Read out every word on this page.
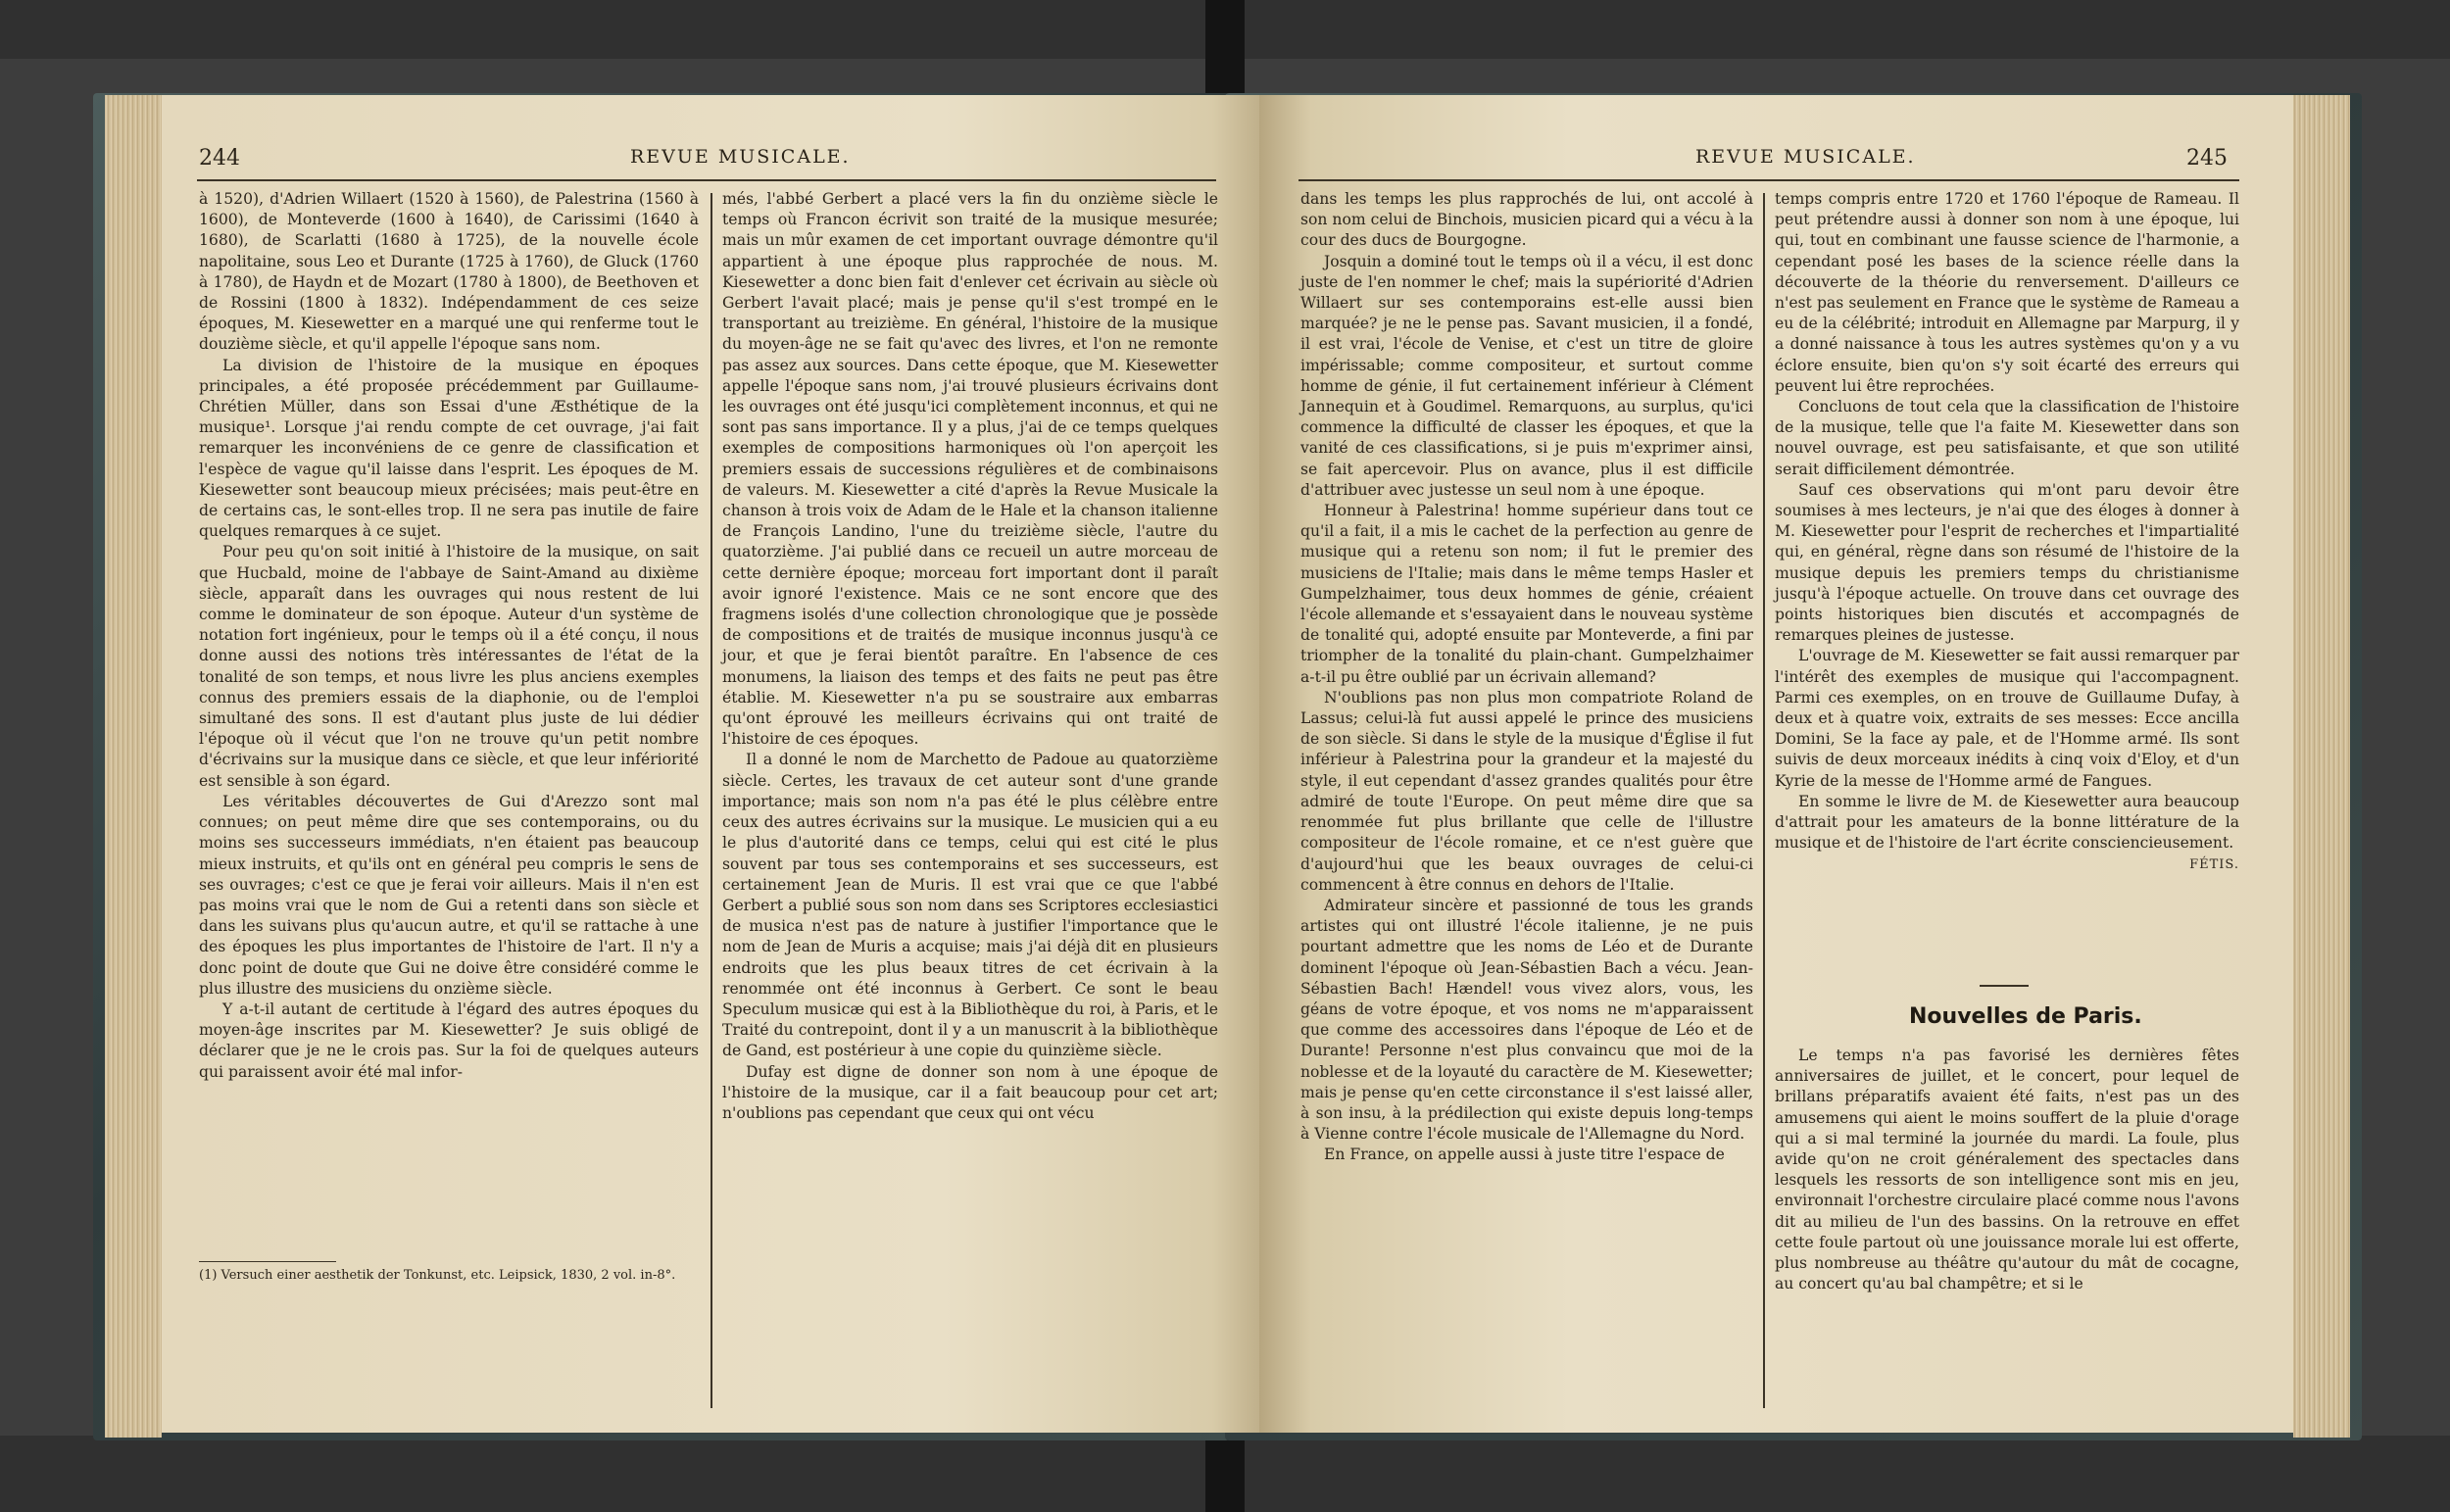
244	REVUE MUSICALE.

à 1520), d'Adrien Willaert (1520 à 1560), de Palestrina (1560 à 1600), de Monteverde (1600 à 1640), de Carissimi (1640 à 1680), de Scarlatti (1680 à 1725), de la nouvelle école napolitaine, sous Leo et Durante (1725 à 1760), de Gluck (1760 à 1780), de Haydn et de Mozart (1780 à 1800), de Beethoven et de Rossini (1800 à 1832). Indépendamment de ces seize époques, M. Kiesewetter en a marqué une qui renferme tout le douzième siècle, et qu'il appelle l'époque sans nom.

La division de l'histoire de la musique en époques principales, a été proposée précédemment par Guillaume-Chrétien Müller, dans son Essai d'une Æsthétique de la musique¹. Lorsque j'ai rendu compte de cet ouvrage, j'ai fait remarquer les inconvéniens de ce genre de classification et l'espèce de vague qu'il laisse dans l'esprit. Les époques de M. Kiesewetter sont beaucoup mieux précisées; mais peut-être en de certains cas, le sont-elles trop. Il ne sera pas inutile de faire quelques remarques à ce sujet.

Pour peu qu'on soit initié à l'histoire de la musique, on sait que Hucbald, moine de l'abbaye de Saint-Amand au dixième siècle, apparaît dans les ouvrages qui nous restent de lui comme le dominateur de son époque. Auteur d'un système de notation fort ingénieux, pour le temps où il a été conçu, il nous donne aussi des notions très intéressantes de l'état de la tonalité de son temps, et nous livre les plus anciens exemples connus des premiers essais de la diaphonie, ou de l'emploi simultané des sons. Il est d'autant plus juste de lui dédier l'époque où il vécut que l'on ne trouve qu'un petit nombre d'écrivains sur la musique dans ce siècle, et que leur infériorité est sensible à son égard.

Les véritables découvertes de Gui d'Arezzo sont mal connues; on peut même dire que ses contemporains, ou du moins ses successeurs immédiats, n'en étaient pas beaucoup mieux instruits, et qu'ils ont en général peu compris le sens de ses ouvrages; c'est ce que je ferai voir ailleurs. Mais il n'en est pas moins vrai que le nom de Gui a retenti dans son siècle et dans les suivans plus qu'aucun autre, et qu'il se rattache à une des époques les plus importantes de l'histoire de l'art. Il n'y a donc point de doute que Gui ne doive être considéré comme le plus illustre des musiciens du onzième siècle.

Y a-t-il autant de certitude à l'égard des autres époques du moyen-âge inscrites par M. Kiesewetter? Je suis obligé de déclarer que je ne le crois pas. Sur la foi de quelques auteurs qui paraissent avoir été mal infor-

(1) Versuch einer aesthetik der Tonkunst, etc. Leipsick, 1830, 2 vol. in-8°.

més, l'abbé Gerbert a placé vers la fin du onzième siècle le temps où Francon écrivit son traité de la musique mesurée; mais un mûr examen de cet important ouvrage démontre qu'il appartient à une époque plus rapprochée de nous. M. Kiesewetter a donc bien fait d'enlever cet écrivain au siècle où Gerbert l'avait placé; mais je pense qu'il s'est trompé en le transportant au treizième. En général, l'histoire de la musique du moyen-âge ne se fait qu'avec des livres, et l'on ne remonte pas assez aux sources. Dans cette époque, que M. Kiesewetter appelle l'époque sans nom, j'ai trouvé plusieurs écrivains dont les ouvrages ont été jusqu'ici complètement inconnus, et qui ne sont pas sans importance. Il y a plus, j'ai de ce temps quelques exemples de compositions harmoniques où l'on aperçoit les premiers essais de successions régulières et de combinaisons de valeurs. M. Kiesewetter a cité d'après la Revue Musicale la chanson à trois voix de Adam de le Hale et la chanson italienne de François Landino, l'une du treizième siècle, l'autre du quatorzième. J'ai publié dans ce recueil un autre morceau de cette dernière époque; morceau fort important dont il paraît avoir ignoré l'existence. Mais ce ne sont encore que des fragmens isolés d'une collection chronologique que je possède de compositions et de traités de musique inconnus jusqu'à ce jour, et que je ferai bientôt paraître. En l'absence de ces monumens, la liaison des temps et des faits ne peut pas être établie. M. Kiesewetter n'a pu se soustraire aux embarras qu'ont éprouvé les meilleurs écrivains qui ont traité de l'histoire de ces époques.

Il a donné le nom de Marchetto de Padoue au quatorzième siècle. Certes, les travaux de cet auteur sont d'une grande importance; mais son nom n'a pas été le plus célèbre entre ceux des autres écrivains sur la musique. Le musicien qui a eu le plus d'autorité dans ce temps, celui qui est cité le plus souvent par tous ses contemporains et ses successeurs, est certainement Jean de Muris. Il est vrai que ce que l'abbé Gerbert a publié sous son nom dans ses Scriptores ecclesiastici de musica n'est pas de nature à justifier l'importance que le nom de Jean de Muris a acquise; mais j'ai déjà dit en plusieurs endroits que les plus beaux titres de cet écrivain à la renommée ont été inconnus à Gerbert. Ce sont le beau Speculum musicæ qui est à la Bibliothèque du roi, à Paris, et le Traité du contrepoint, dont il y a un manuscrit à la bibliothèque de Gand, est postérieur à une copie du quinzième siècle.

Dufay est digne de donner son nom à une époque de l'histoire de la musique, car il a fait beaucoup pour cet art; n'oublions pas cependant que ceux qui ont vécu

REVUE MUSICALE.	245

dans les temps les plus rapprochés de lui, ont accolé à son nom celui de Binchois, musicien picard qui a vécu à la cour des ducs de Bourgogne.

Josquin a dominé tout le temps où il a vécu, il est donc juste de l'en nommer le chef; mais la supériorité d'Adrien Willaert sur ses contemporains est-elle aussi bien marquée? je ne le pense pas. Savant musicien, il a fondé, il est vrai, l'école de Venise, et c'est un titre de gloire impérissable; comme compositeur, et surtout comme homme de génie, il fut certainement inférieur à Clément Jannequin et à Goudimel. Remarquons, au surplus, qu'ici commence la difficulté de classer les époques, et que la vanité de ces classifications, si je puis m'exprimer ainsi, se fait apercevoir. Plus on avance, plus il est difficile d'attribuer avec justesse un seul nom à une époque.

Honneur à Palestrina! homme supérieur dans tout ce qu'il a fait, il a mis le cachet de la perfection au genre de musique qui a retenu son nom; il fut le premier des musiciens de l'Italie; mais dans le même temps Hasler et Gumpelzhaimer, tous deux hommes de génie, créaient l'école allemande et s'essayaient dans le nouveau système de tonalité qui, adopté ensuite par Monteverde, a fini par triompher de la tonalité du plain-chant. Gumpelzhaimer a-t-il pu être oublié par un écrivain allemand?

N'oublions pas non plus mon compatriote Roland de Lassus; celui-là fut aussi appelé le prince des musiciens de son siècle. Si dans le style de la musique d'Église il fut inférieur à Palestrina pour la grandeur et la majesté du style, il eut cependant d'assez grandes qualités pour être admiré de toute l'Europe. On peut même dire que sa renommée fut plus brillante que celle de l'illustre compositeur de l'école romaine, et ce n'est guère que d'aujourd'hui que les beaux ouvrages de celui-ci commencent à être connus en dehors de l'Italie.

Admirateur sincère et passionné de tous les grands artistes qui ont illustré l'école italienne, je ne puis pourtant admettre que les noms de Léo et de Durante dominent l'époque où Jean-Sébastien Bach a vécu. Jean-Sébastien Bach! Hændel! vous vivez alors, vous, les géans de votre époque, et vos noms ne m'apparaissent que comme des accessoires dans l'époque de Léo et de Durante! Personne n'est plus convaincu que moi de la noblesse et de la loyauté du caractère de M. Kiesewetter; mais je pense qu'en cette circonstance il s'est laissé aller, à son insu, à la prédilection qui existe depuis long-temps à Vienne contre l'école musicale de l'Allemagne du Nord.

En France, on appelle aussi à juste titre l'espace de

temps compris entre 1720 et 1760 l'époque de Rameau. Il peut prétendre aussi à donner son nom à une époque, lui qui, tout en combinant une fausse science de l'harmonie, a cependant posé les bases de la science réelle dans la découverte de la théorie du renversement. D'ailleurs ce n'est pas seulement en France que le système de Rameau a eu de la célébrité; introduit en Allemagne par Marpurg, il y a donné naissance à tous les autres systèmes qu'on y a vu éclore ensuite, bien qu'on s'y soit écarté des erreurs qui peuvent lui être reprochées.

Concluons de tout cela que la classification de l'histoire de la musique, telle que l'a faite M. Kiesewetter dans son nouvel ouvrage, est peu satisfaisante, et que son utilité serait difficilement démontrée.

Sauf ces observations qui m'ont paru devoir être soumises à mes lecteurs, je n'ai que des éloges à donner à M. Kiesewetter pour l'esprit de recherches et l'impartialité qui, en général, règne dans son résumé de l'histoire de la musique depuis les premiers temps du christianisme jusqu'à l'époque actuelle. On trouve dans cet ouvrage des points historiques bien discutés et accompagnés de remarques pleines de justesse.

L'ouvrage de M. Kiesewetter se fait aussi remarquer par l'intérêt des exemples de musique qui l'accompagnent. Parmi ces exemples, on en trouve de Guillaume Dufay, à deux et à quatre voix, extraits de ses messes: Ecce ancilla Domini, Se la face ay pale, et de l'Homme armé. Ils sont suivis de deux morceaux inédits à cinq voix d'Eloy, et d'un Kyrie de la messe de l'Homme armé de Fangues.

En somme le livre de M. de Kiesewetter aura beaucoup d'attrait pour les amateurs de la bonne littérature de la musique et de l'histoire de l'art écrite consciencieusement.

FÉTIS.
Nouvelles de Paris.

Le temps n'a pas favorisé les dernières fêtes anniversaires de juillet, et le concert, pour lequel de brillans préparatifs avaient été faits, n'est pas un des amusemens qui aient le moins souffert de la pluie d'orage qui a si mal terminé la journée du mardi. La foule, plus avide qu'on ne croit généralement des spectacles dans lesquels les ressorts de son intelligence sont mis en jeu, environnait l'orchestre circulaire placé comme nous l'avons dit au milieu de l'un des bassins. On la retrouve en effet cette foule partout où une jouissance morale lui est offerte, plus nombreuse au théâtre qu'autour du mât de cocagne, au concert qu'au bal champêtre; et si le
